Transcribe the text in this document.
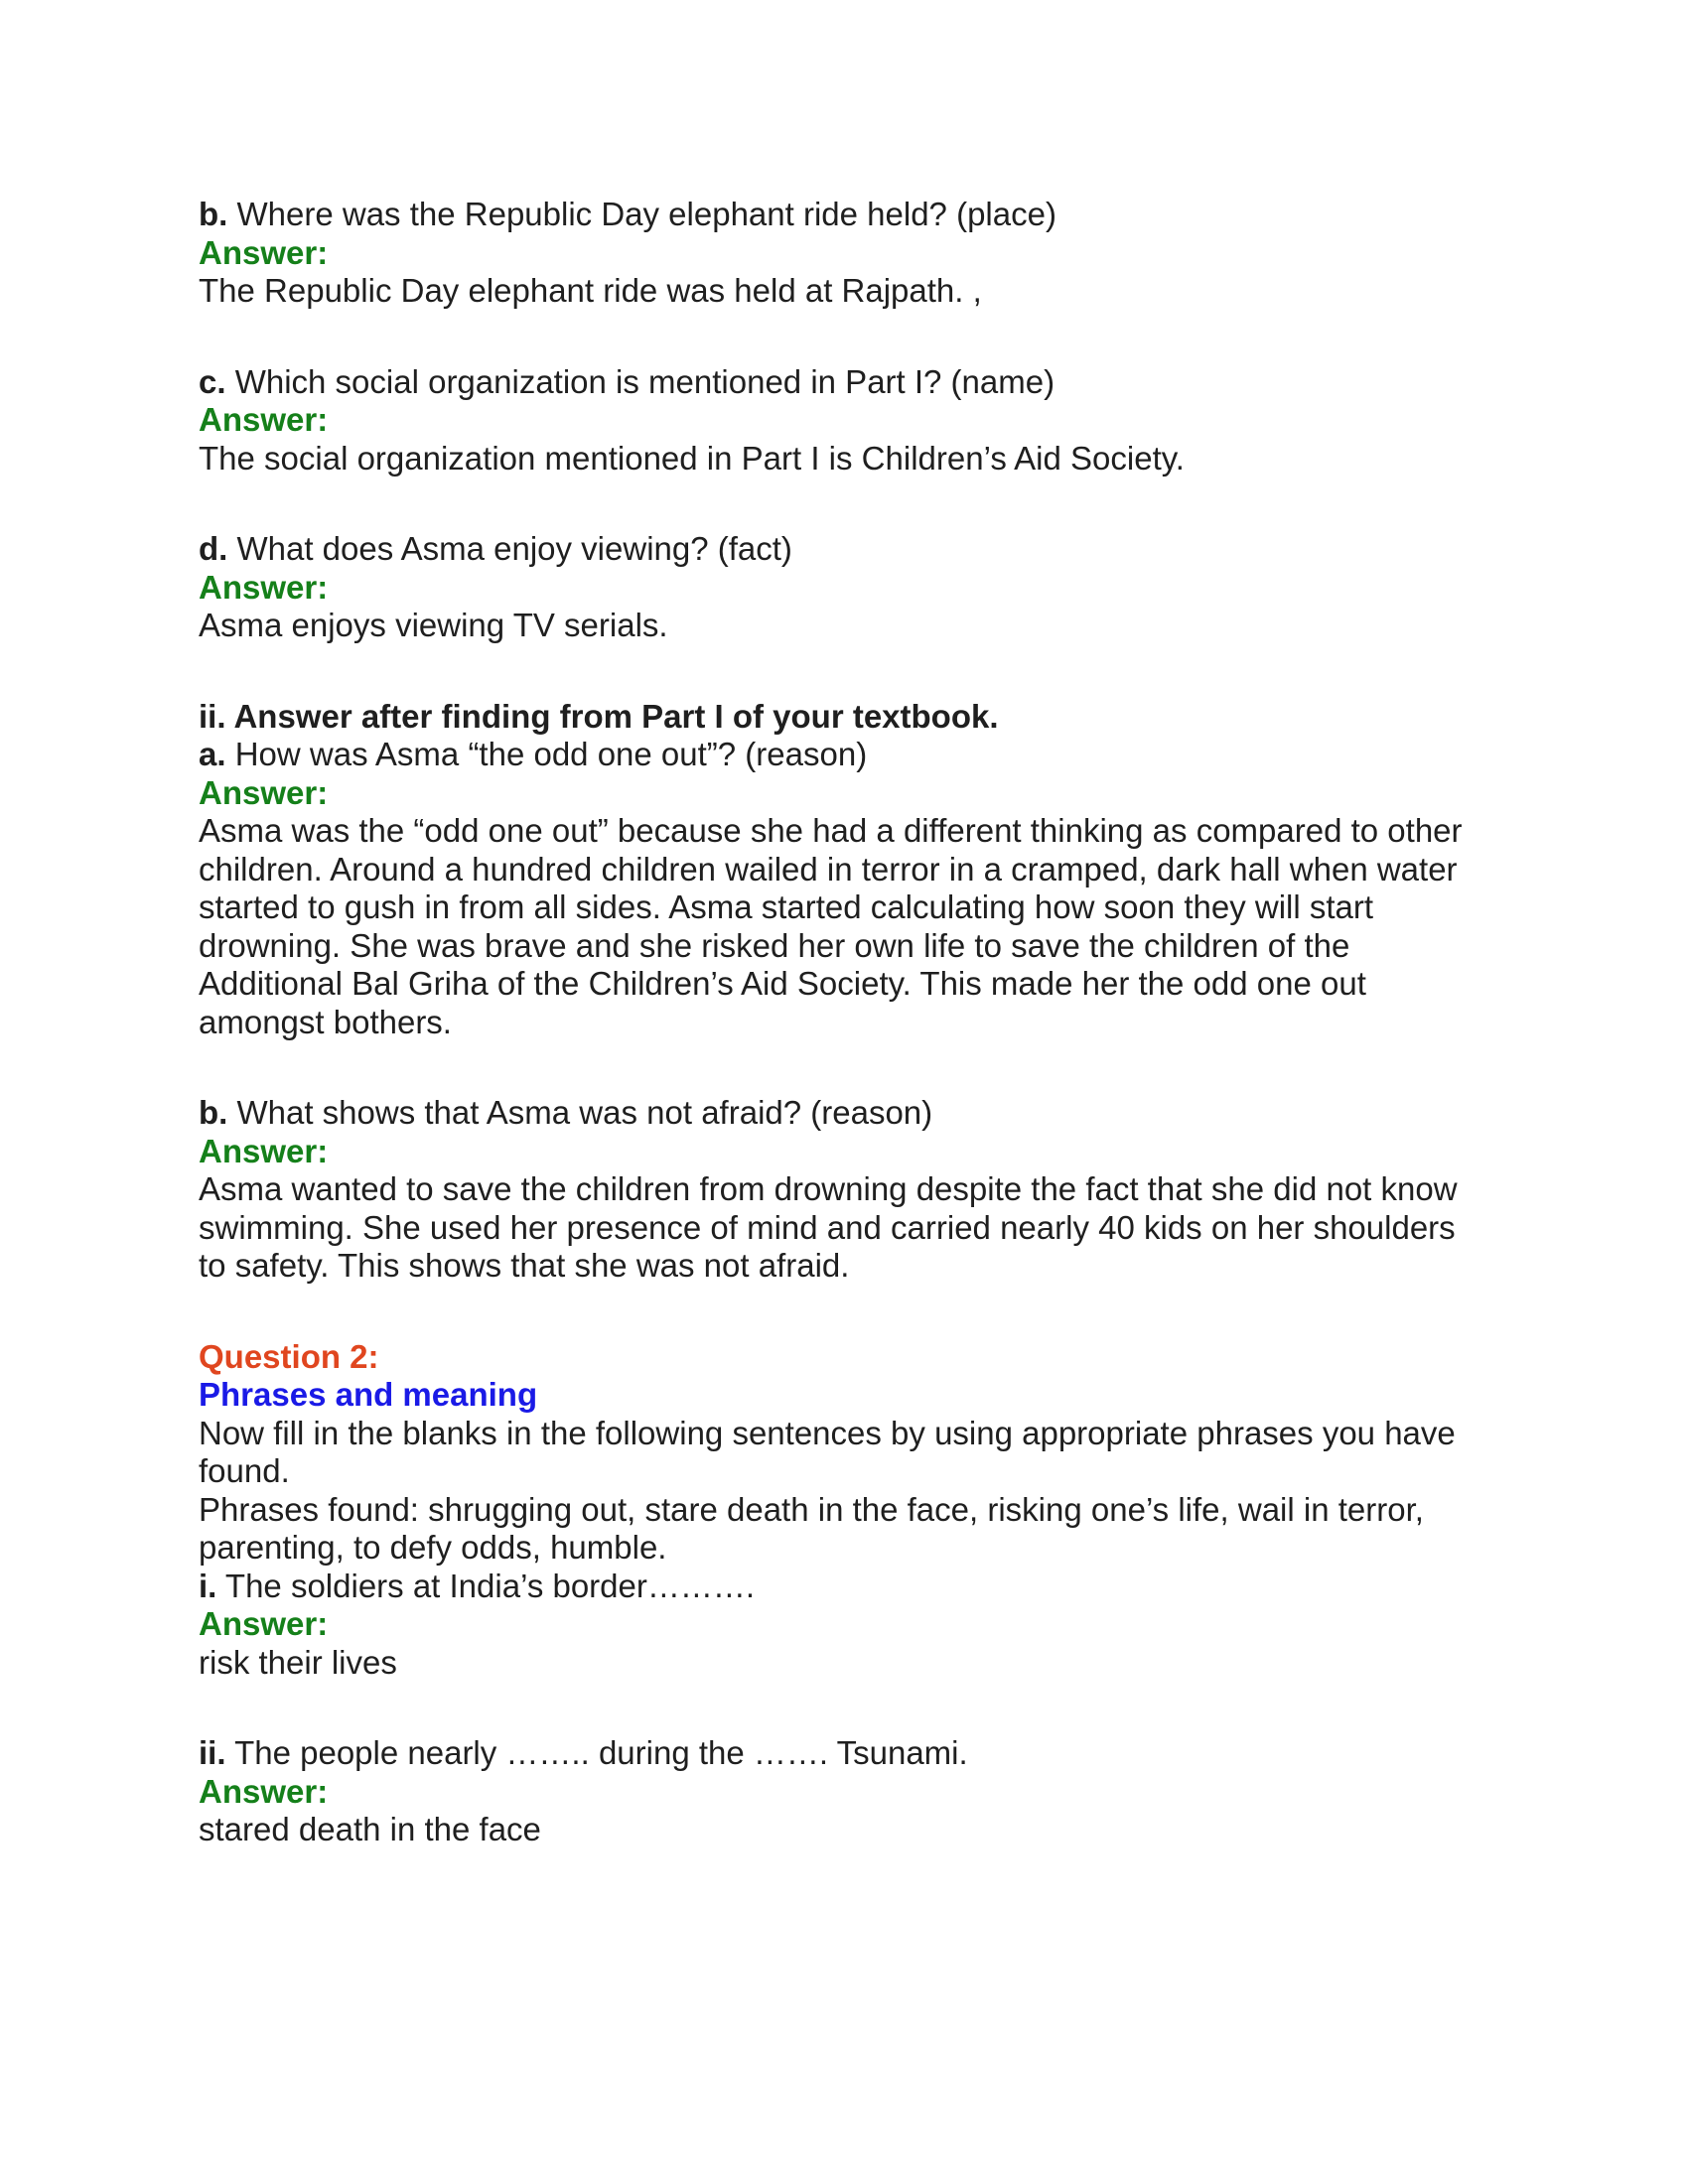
b. Where was the Republic Day elephant ride held? (place)
Answer:
The Republic Day elephant ride was held at Rajpath. ,
c. Which social organization is mentioned in Part I? (name)
Answer:
The social organization mentioned in Part I is Children’s Aid Society.
d. What does Asma enjoy viewing? (fact)
Answer:
Asma enjoys viewing TV serials.
ii. Answer after finding from Part I of your textbook.
a. How was Asma “the odd one out”? (reason)
Answer:
Asma was the “odd one out” because she had a different thinking as compared to other
children. Around a hundred children wailed in terror in a cramped, dark hall when water
started to gush in from all sides. Asma started calculating how soon they will start
drowning. She was brave and she risked her own life to save the children of the
Additional Bal Griha of the Children’s Aid Society. This made her the odd one out
amongst bothers.
b. What shows that Asma was not afraid? (reason)
Answer:
Asma wanted to save the children from drowning despite the fact that she did not know
swimming. She used her presence of mind and carried nearly 40 kids on her shoulders
to safety. This shows that she was not afraid.
Question 2:
Phrases and meaning
Now fill in the blanks in the following sentences by using appropriate phrases you have
found.
Phrases found: shrugging out, stare death in the face, risking one’s life, wail in terror,
parenting, to defy odds, humble.
i. The soldiers at India’s border……….
Answer:
risk their lives
ii. The people nearly …….. during the ……. Tsunami.
Answer:
stared death in the face
